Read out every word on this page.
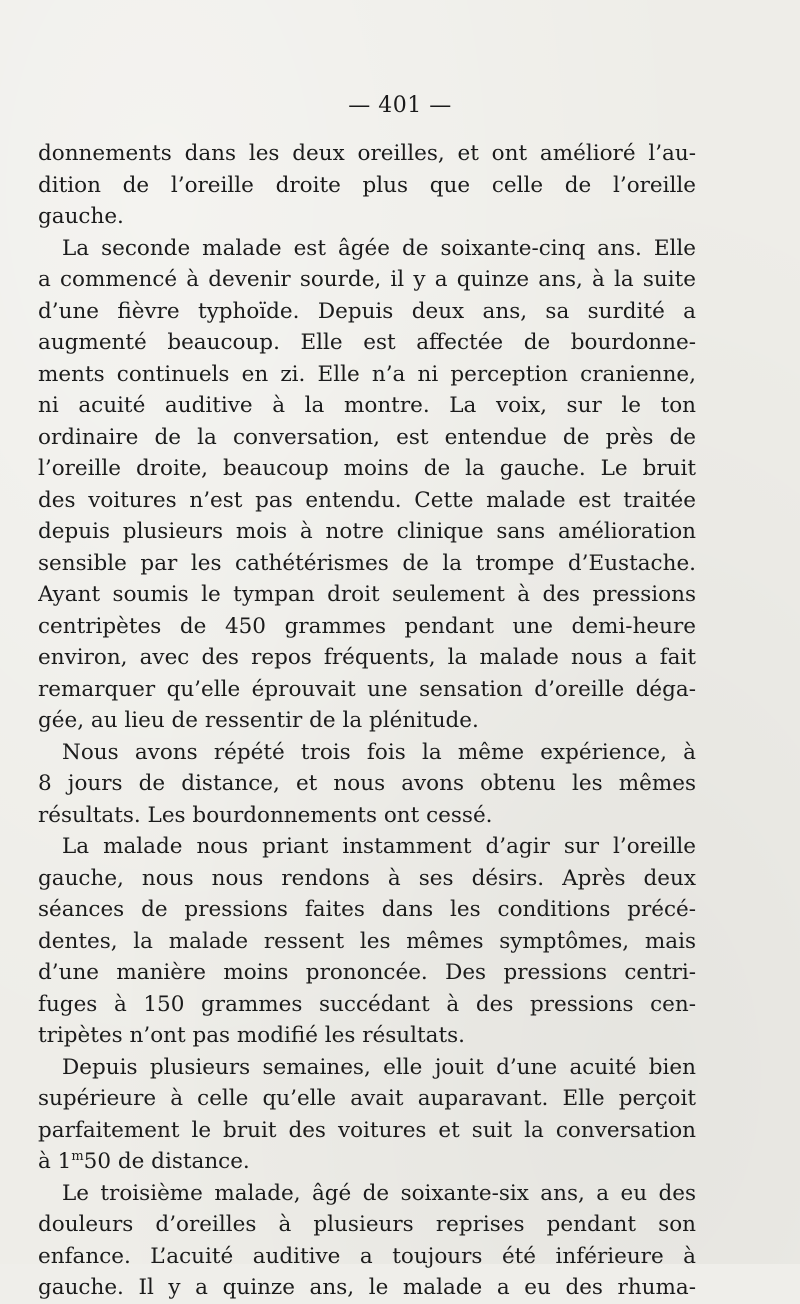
— 401 —
donnements dans les deux oreilles, et ont amélioré l’au-
dition de l’oreille droite plus que celle de l’oreille
gauche.
La seconde malade est âgée de soixante-cinq ans. Elle
a commencé à devenir sourde, il y a quinze ans, à la suite
d’une fièvre typhoïde. Depuis deux ans, sa surdité a
augmenté beaucoup. Elle est affectée de bourdonne-
ments continuels en zi. Elle n’a ni perception cranienne,
ni acuité auditive à la montre. La voix, sur le ton
ordinaire de la conversation, est entendue de près de
l’oreille droite, beaucoup moins de la gauche. Le bruit
des voitures n’est pas entendu. Cette malade est traitée
depuis plusieurs mois à notre clinique sans amélioration
sensible par les cathétérismes de la trompe d’Eustache.
Ayant soumis le tympan droit seulement à des pressions
centripètes de 450 grammes pendant une demi-heure
environ, avec des repos fréquents, la malade nous a fait
remarquer qu’elle éprouvait une sensation d’oreille déga-
gée, au lieu de ressentir de la plénitude.
Nous avons répété trois fois la même expérience, à
8 jours de distance, et nous avons obtenu les mêmes
résultats. Les bourdonnements ont cessé.
La malade nous priant instamment d’agir sur l’oreille
gauche, nous nous rendons à ses désirs. Après deux
séances de pressions faites dans les conditions précé-
dentes, la malade ressent les mêmes symptômes, mais
d’une manière moins prononcée. Des pressions centri-
fuges à 150 grammes succédant à des pressions cen-
tripètes n’ont pas modifié les résultats.
Depuis plusieurs semaines, elle jouit d’une acuité bien
supérieure à celle qu’elle avait auparavant. Elle perçoit
parfaitement le bruit des voitures et suit la conversation
à 1$^m$50 de distance.
Le troisième malade, âgé de soixante-six ans, a eu des
douleurs d’oreilles à plusieurs reprises pendant son
enfance. L’acuité auditive a toujours été inférieure à
gauche. Il y a quinze ans, le malade a eu des rhuma-
